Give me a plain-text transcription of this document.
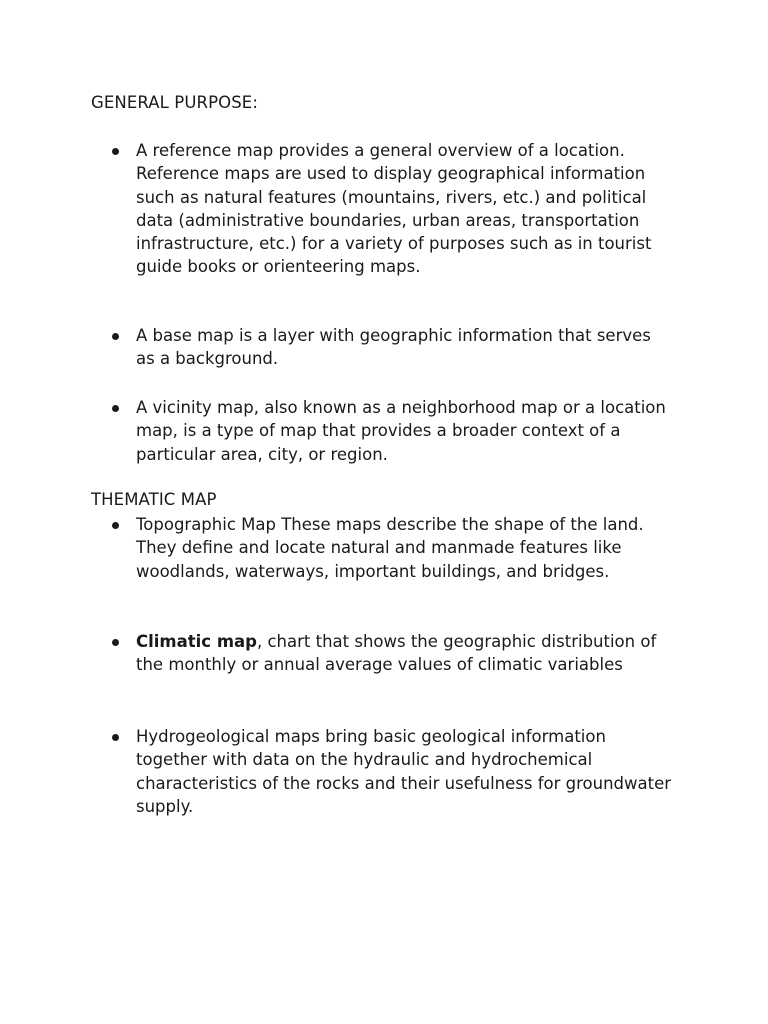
GENERAL PURPOSE:
A reference map provides a general overview of a location. Reference maps are used to display geographical information such as natural features (mountains, rivers, etc.) and political data (administrative boundaries, urban areas, transportation infrastructure, etc.) for a variety of purposes such as in tourist guide books or orienteering maps.
A base map is a layer with geographic information that serves as a background.
A vicinity map, also known as a neighborhood map or a location map, is a type of map that provides a broader context of a particular area, city, or region.
THEMATIC MAP
Topographic Map These maps describe the shape of the land. They define and locate natural and manmade features like woodlands, waterways, important buildings, and bridges.
Climatic map, chart that shows the geographic distribution of the monthly or annual average values of climatic variables
Hydrogeological maps bring basic geological information together with data on the hydraulic and hydrochemical characteristics of the rocks and their usefulness for groundwater supply.
